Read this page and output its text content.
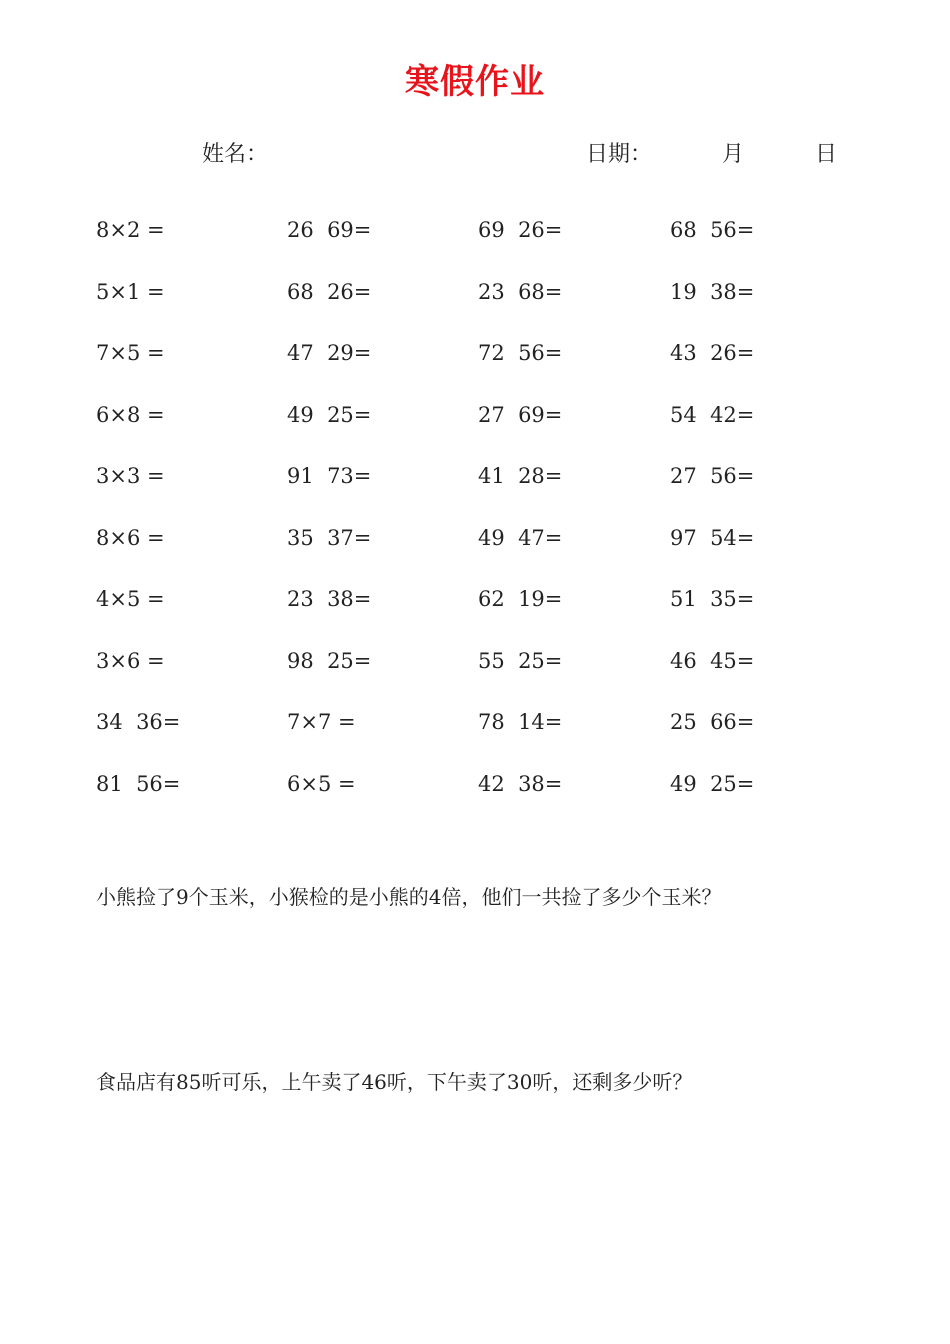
寒假作业
姓名：	日期：	月	日
8×2 =	26  69=	69  26=	68  56=
5×1 =	68  26=	23  68=	19  38=
7×5 =	47  29=	72  56=	43  26=
6×8 =	49  25=	27  69=	54  42=
3×3 =	91  73=	41  28=	27  56=
8×6 =	35  37=	49  47=	97  54=
4×5 =	23  38=	62  19=	51  35=
3×6 =	98  25=	55  25=	46  45=
34  36=	7×7 =	78  14=	25  66=
81  56=	6×5 =	42  38=	49  25=
小熊捡了9个玉米，小猴检的是小熊的4倍，他们一共捡了多少个玉米？
食品店有85听可乐，上午卖了46听，下午卖了30听，还剩多少听？
